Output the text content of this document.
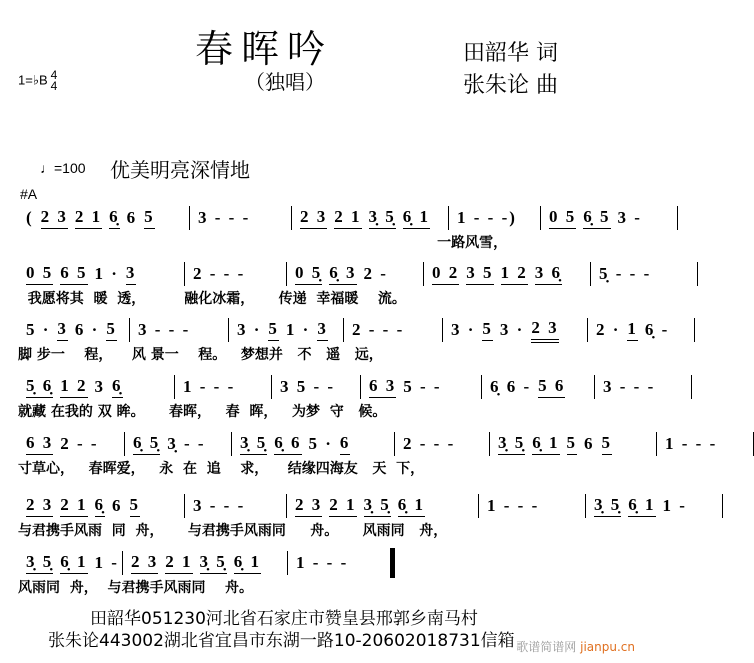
春晖吟
（独唱）
田韶华 词
张朱论 曲
1=♭B 4
4
♩=100 优美明亮深情地
#A
( 2 3 2 1 6̣ 6 5	3 - - -	2 3 2 1 3̣ 5̣ 6̣ 1 1 - - -) 0 5 6̣ 5 3 -
一路风雪，
0 5 6 5 1 · 3	2 - - -	0 5̣ 6̣ 3 2 -	0 2 3 5 1 2 3 6̣ 5̣ - - -
我愿将其  暖  透，        融化冰霜，     传递  幸福暖    流。
5 · 3 6 · 5 3 - - -	3 · 5 1 · 3 2 - - -	3 · 5 3 · 2 3 2 · 1 6̣ -
脚 步一    程，    风 景一    程。   梦想并   不   遥   远，
5̣ 6̣ 1 2 3 6̣	1 - - -	3 5 - - 6 3 5 - -	6̣ 6 - 5 6 3 - - -
就藏 在我的 双 眸。     春晖，   春  晖，   为梦  守   候。
6 3 2 - - 6̣ 5̣ 3̣ - - 3̣ 5̣ 6̣ 6 5 · 6	2 - - -	3̣ 5̣ 6̣ 1 5 6 5	1 - - -
寸草心，   春晖爱，   永  在  追    求，    结缘四海友   天  下，
2 3 2 1 6̣ 6 5	3 - - -	2 3 2 1 3̣ 5̣ 6̣ 1	1 - - -	3̣ 5̣ 6̣ 1 1 -
与君携手风雨  同  舟，     与君携手风雨同     舟。     风雨同   舟，
3̣ 5̣ 6̣ 1 1 - 2 3 2 1 3̣ 5̣ 6̣ 1 1 - - -
风雨同  舟，  与君携手风雨同    舟。
田韶华051230河北省石家庄市赞皇县邢郭乡南马村
张朱论443002湖北省宜昌市东湖一路10-20602018731信箱 歌谱简谱网 jianpu.cn
